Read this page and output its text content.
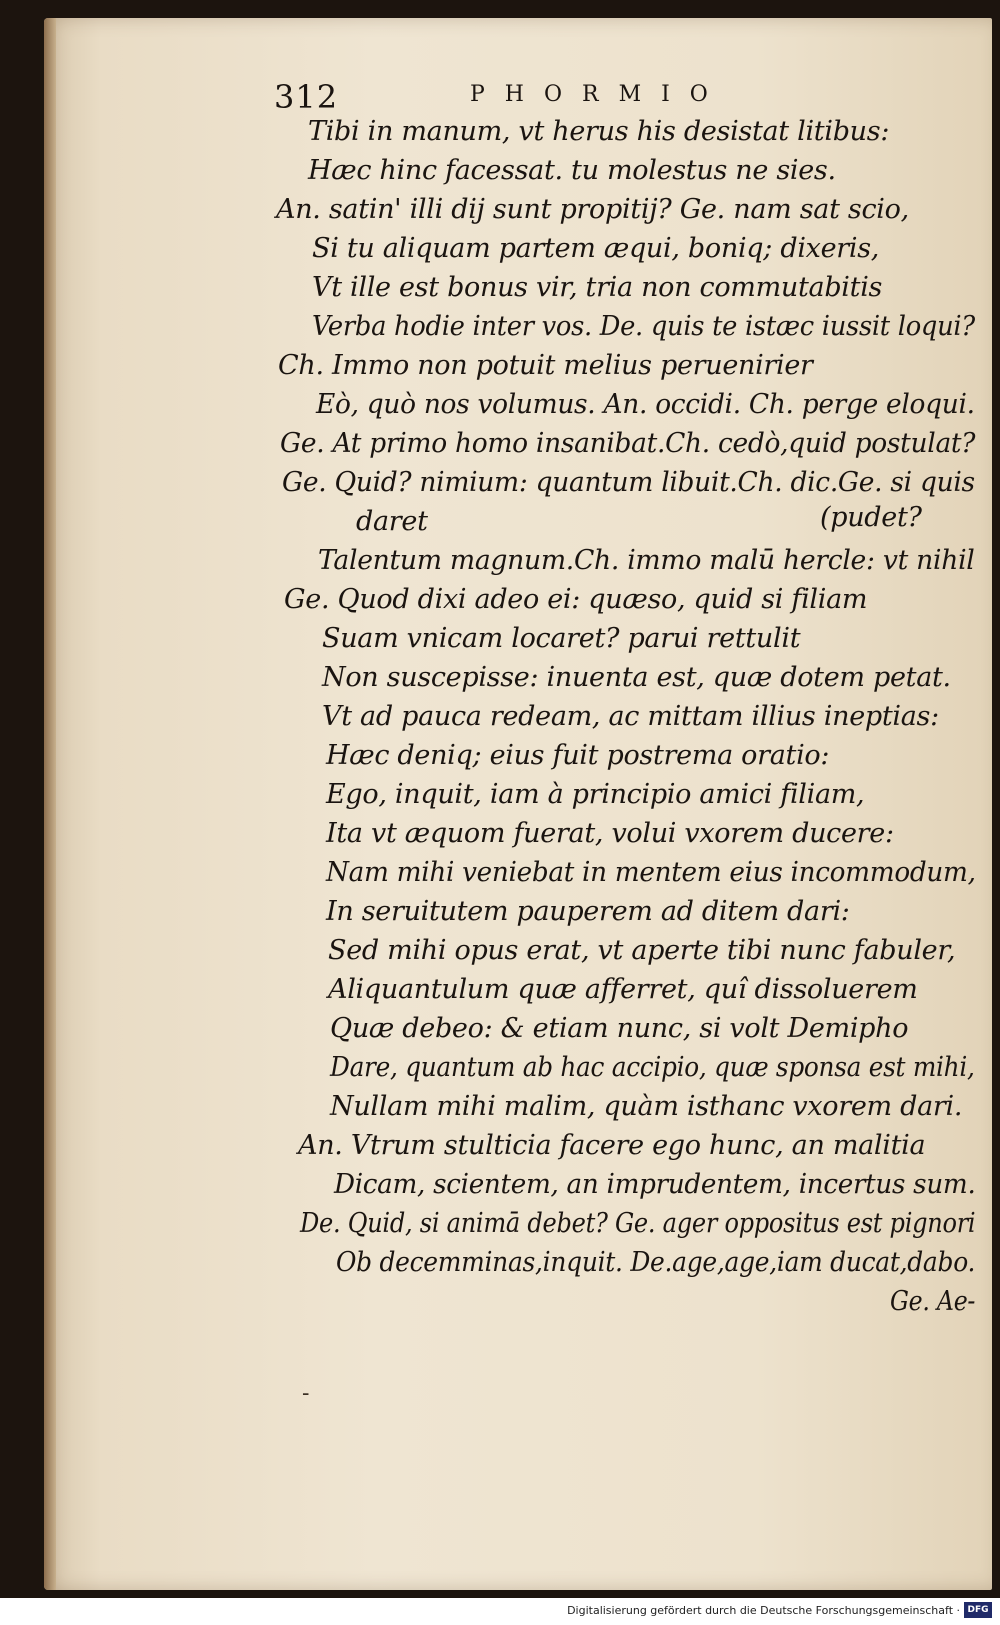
312	PHORMIO
Tibi in manum, vt herus his desistat litibus:
Hæc hinc facessat. tu molestus ne sies.
An. satin' illi dij sunt propitij? Ge. nam sat scio,
Si tu aliquam partem æqui, boniq; dixeris,
Vt ille est bonus vir, tria non commutabitis
Verba hodie inter vos. De. quis te istæc iussit loqui?
Ch. Immo non potuit melius peruenirier
Eò, quò nos volumus. An. occidi. Ch. perge eloqui.
Ge. At primo homo insanibat.Ch. cedò,quid postulat?
Ge. Quid? nimium: quantum libuit.Ch. dic.Ge. si quis
daret	(pudet?
Talentum magnum.Ch. immo malū hercle: vt nihil
Ge. Quod dixi adeo ei: quæso, quid si filiam
Suam vnicam locaret? parui rettulit
Non suscepisse: inuenta est, quæ dotem petat.
Vt ad pauca redeam, ac mittam illius ineptias:
Hæc deniq; eius fuit postrema oratio:
Ego, inquit, iam à principio amici filiam,
Ita vt æquom fuerat, volui vxorem ducere:
Nam mihi veniebat in mentem eius incommodum,
In seruitutem pauperem ad ditem dari:
Sed mihi opus erat, vt aperte tibi nunc fabuler,
Aliquantulum quæ afferret, quî dissoluerem
Quæ debeo: & etiam nunc, si volt Demipho
Dare, quantum ab hac accipio, quæ sponsa est mihi,
Nullam mihi malim, quàm isthanc vxorem dari.
An. Vtrum stulticia facere ego hunc, an malitia
Dicam, scientem, an imprudentem, incertus sum.
De. Quid, si animā debet? Ge. ager oppositus est pignori
Ob decemminas,inquit. De.age,age,iam ducat,dabo.
Ge. Ae-
-
Digitalisierung gefördert durch die Deutsche Forschungsgemeinschaft · DFG
